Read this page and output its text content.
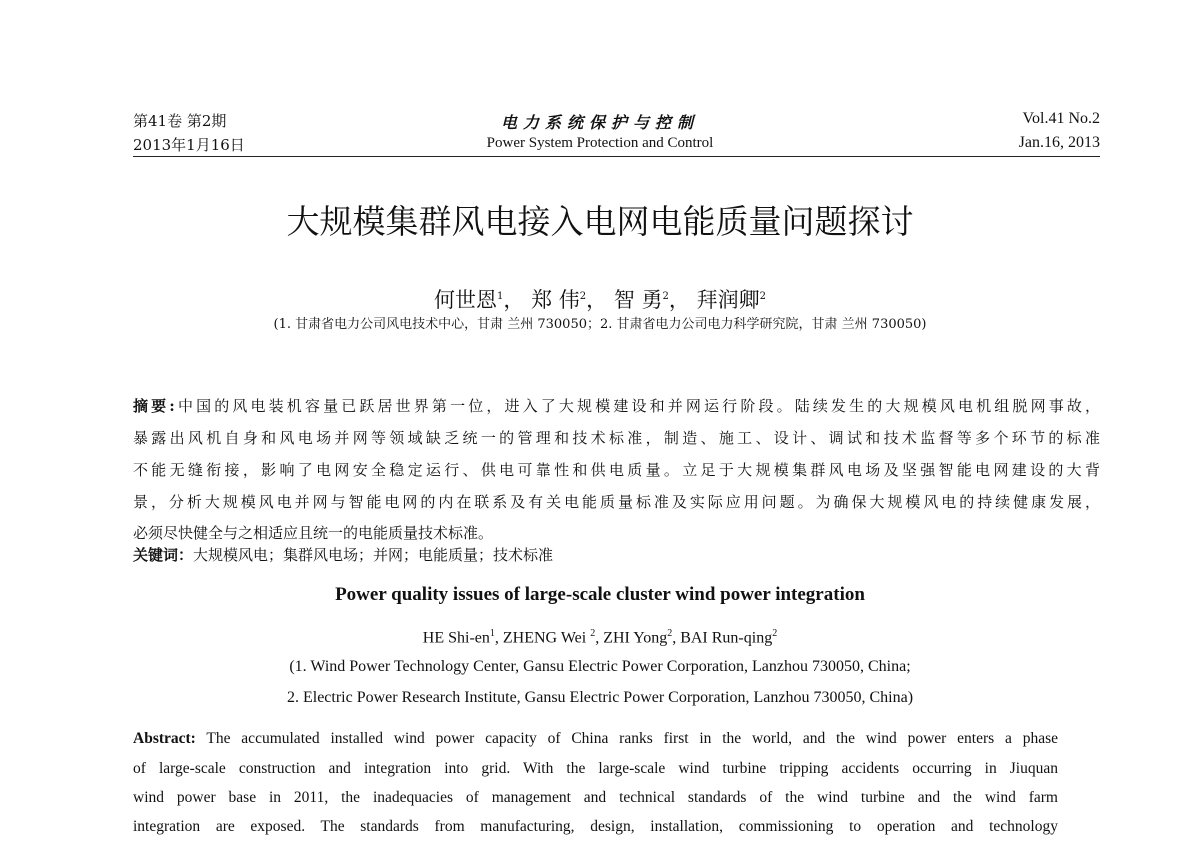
第41卷 第2期
2013年1月16日
电力系统保护与控制
Power System Protection and Control
Vol.41 No.2
Jan.16, 2013
大规模集群风电接入电网电能质量问题探讨
何世恩$^1$， 郑 伟$^2$， 智 勇$^2$， 拜润卿$^2$
(1. 甘肃省电力公司风电技术中心，甘肃 兰州 730050；2. 甘肃省电力公司电力科学研究院，甘肃 兰州 730050)
摘要:中国的风电装机容量已跃居世界第一位，进入了大规模建设和并网运行阶段。陆续发生的大规模风电机组脱网事故，
暴露出风机自身和风电场并网等领域缺乏统一的管理和技术标准，制造、施工、设计、调试和技术监督等多个环节的标准
不能无缝衔接，影响了电网安全稳定运行、供电可靠性和供电质量。立足于大规模集群风电场及坚强智能电网建设的大背
景，分析大规模风电并网与智能电网的内在联系及有关电能质量标准及实际应用问题。为确保大规模风电的持续健康发展，
必须尽快健全与之相适应且统一的电能质量技术标准。
关键词：大规模风电；集群风电场；并网；电能质量；技术标准
Power quality issues of large-scale cluster wind power integration
HE Shi-$en^1$, ZHENG Wei $^2$, ZHI Yong$^2$, BAI Run-qing$^2$
(1. Wind Power Technology Center, Gansu Electric Power Corporation, Lanzhou 730050, China;
2. Electric Power Research Institute, Gansu Electric Power Corporation, Lanzhou 730050, China)
Abstract: The accumulated installed wind power capacity of China ranks first in the world, and the wind power enters a phase
of large-scale construction and integration into grid. With the large-scale wind turbine tripping accidents occurring in Jiuquan
wind power base in 2011, the inadequacies of management and technical standards of the wind turbine and the wind farm
integration are exposed. The standards from manufacturing, design, installation, commissioning to operation and technology
